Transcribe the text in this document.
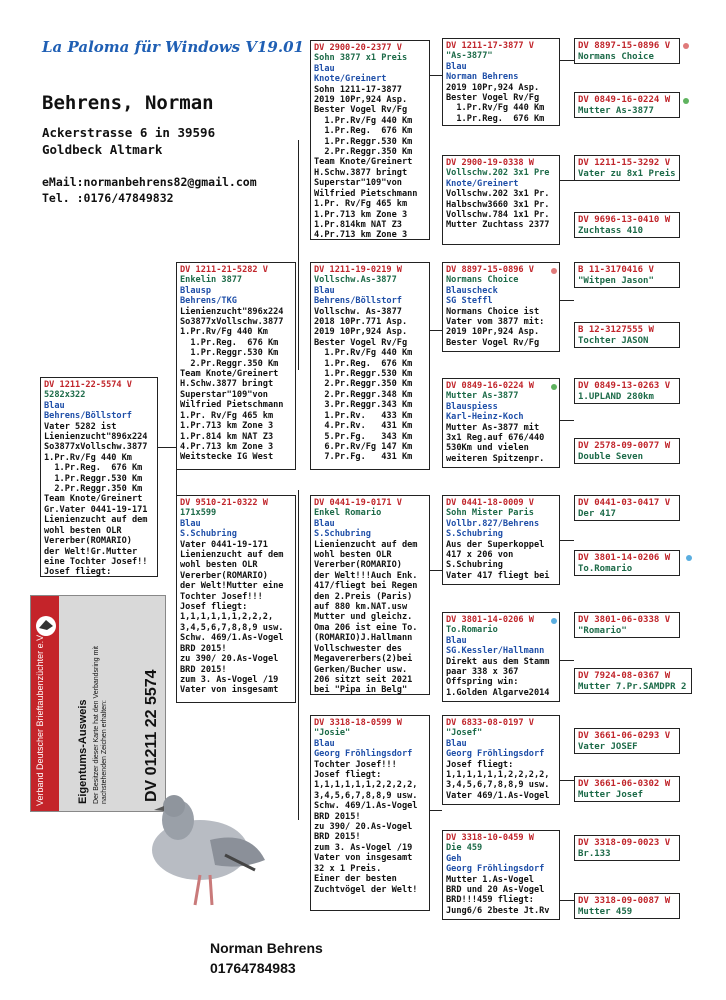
La Paloma für Windows V19.01
Behrens, Norman
Ackerstrasse 6 in 39596
Goldbeck Altmark
eMail:normanbehrens82@gmail.com
Tel. :0176/47849832
DV 1211-22-5574 V
5282x322
Blau
Behrens/Böllstorf
Vater 5282 ist
Lienienzucht"896x224
So3877xVollschw.3877
1.Pr.Rv/Fg 440 Km
1.Pr.Reg.  676 Km
1.Pr.Reggr.530 Km
2.Pr.Reggr.350 Km
Team Knote/Greinert
Gr.Vater 0441-19-171
Lienienzucht auf dem
wohl besten OLR
Vererber(ROMARIO)
der Welt!Gr.Mutter
eine Tochter Josef!!
Josef fliegt:
DV 1211-21-5282 V
Enkelin 3877
Blausp
Behrens/TKG
Lienienzucht"896x224
So3877xVollschw.3877
1.Pr.Rv/Fg 440 Km
1.Pr.Reg.  676 Km
1.Pr.Reggr.530 Km
2.Pr.Reggr.350 Km
Team Knote/Greinert
H.Schw.3877 bringt
Superstar"109"von
Wilfried Pietschmann
1.Pr. Rv/Fg 465 km
1.Pr.713 km Zone 3
1.Pr.814 km NAT Z3
4.Pr.713 km Zone 3
Weitstecke IG West
DV 9510-21-0322 W
171x599
Blau
S.Schubring
Vater 0441-19-171
Lienienzucht auf dem
wohl besten OLR
Vererber(ROMARIO)
der Welt!Mutter eine
Tochter Josef!!!
Josef fliegt:
1,1,1,1,1,1,2,2,2,
3,4,5,6,7,8,8,9 usw.
Schw. 469/1.As-Vogel
BRD 2015!
zu 390/ 20.As-Vogel
BRD 2015!
zum 3. As-Vogel /19
Vater von insgesamt
DV 2900-20-2377 V
Sohn 3877 x1 Preis
Blau
Knote/Greinert
Sohn 1211-17-3877
2019 10Pr,924 Asp.
Bester Vogel Rv/Fg
1.Pr.Rv/Fg 440 Km
1.Pr.Reg.  676 Km
1.Pr.Reggr.530 Km
2.Pr.Reggr.350 Km
Team Knote/Greinert
H.Schw.3877 bringt
Superstar"109"von
Wilfried Pietschmann
1.Pr. Rv/Fg 465 km
1.Pr.713 km Zone 3
1.Pr.814km NAT Z3
4.Pr.713 km Zone 3
DV 1211-19-0219 W
Vollschw.As-3877
Blau
Behrens/Böllstorf
Vollschw. As-3877
2018 10Pr.771 Asp.
2019 10Pr,924 Asp.
Bester Vogel Rv/Fg
1.Pr.Rv/Fg 440 Km
1.Pr.Reg.  676 Km
1.Pr.Reggr.530 Km
2.Pr.Reggr.350 Km
2.Pr.Reggr.348 Km
3.Pr.Reggr.343 Km
1.Pr.Rv.   433 Km
4.Pr.Rv.   431 Km
5.Pr.Fg.   343 Km
6.Pr.Rv/Fg 147 Km
7.Pr.Fg.   431 Km
DV 0441-19-0171 V
Enkel Romario
Blau
S.Schubring
Lienienzucht auf dem
wohl besten OLR
Vererber(ROMARIO)
der Welt!!!Auch Enk.
417/fliegt bei Regen
den 2.Preis (Paris)
auf 880 km.NAT.usw
Mutter und gleichz.
Oma 206 ist eine To.
(ROMARIO)J.Hallmann
Vollschwester des
Megavererbers(2)bei
Gerken/Bucher usw.
206 sitzt seit 2021
bei "Pipa in Belg"
DV 3318-18-0599 W
"Josie"
Blau
Georg Fröhlingsdorf
Tochter Josef!!!
Josef fliegt:
1,1,1,1,1,1,2,2,2,2,
3,4,5,6,7,8,8,9 usw.
Schw. 469/1.As-Vogel
BRD 2015!
zu 390/ 20.As-Vogel
BRD 2015!
zum 3. As-Vogel /19
Vater von insgesamt
32 x 1 Preis.
Einer der besten
Zuchtvögel der Welt!
DV 1211-17-3877 V
"As-3877"
Blau
Norman Behrens
2019 10Pr,924 Asp.
Bester Vogel Rv/Fg
1.Pr.Rv/Fg 440 Km
1.Pr.Reg.  676 Km
DV 2900-19-0338 W
Vollschw.202 3x1 Pre
Knote/Greinert
Vollschw.202 3x1 Pr.
Halbschw3660 3x1 Pr.
Vollschw.784 1x1 Pr.
Mutter Zuchtass 2377
DV 8897-15-0896 V
Normans Choice
Blauscheck
SG Steffl
Normans Choice ist
Vater vom 3877 mit:
2019 10Pr,924 Asp.
Bester Vogel Rv/Fg
DV 0849-16-0224 W
Mutter As-3877
Blauspiess
Karl-Heinz-Koch
Mutter As-3877 mit
3x1 Reg.auf 676/440
530Km und vielen
weiteren Spitzenpr.
DV 0441-18-0009 V
Sohn Mister Paris
Vollbr.827/Behrens
S.Schubring
Aus der Superkoppel
417 x 206 von
S.Schubring
Vater 417 fliegt bei
DV 3801-14-0206 W
To.Romario
Blau
SG.Kessler/Hallmann
Direkt aus dem Stamm
paar 338 x 367
Offspring win:
1.Golden Algarve2014
DV 6833-08-0197 V
"Josef"
Blau
Georg Fröhlingsdorf
Josef fliegt:
1,1,1,1,1,1,2,2,2,2,
3,4,5,6,7,8,8,9 usw.
Vater 469/1.As-Vogel
DV 3318-10-0459 W
Die 459
Geh
Georg Fröhlingsdorf
Mutter 1.As-Vogel
BRD und 20 As-Vogel
BRD!!!459 fliegt:
Jung6/6 2beste Jt.Rv
DV 8897-15-0896 V
Normans Choice
DV 0849-16-0224 W
Mutter As-3877
DV 1211-15-3292 V
Vater zu 8x1 Preis
DV 9696-13-0410 W
Zuchtass 410
B 11-3170416 V
"Witpen Jason"
B 12-3127555 W
Tochter JASON
DV 0849-13-0263 V
1.UPLAND 280km
DV 2578-09-0077 W
Double Seven
DV 0441-03-0417 V
Der 417
DV 3801-14-0206 W
To.Romario
DV 3801-06-0338 V
"Romario"
DV 7924-08-0367 W
Mutter 7.Pr.SAMDPR 2
DV 3661-06-0293 V
Vater JOSEF
DV 3661-06-0302 W
Mutter Josef
DV 3318-09-0023 V
Br.133
DV 3318-09-0087 W
Mutter 459
Verband Deutscher Brieftaubenzüchter e.V.	Eigentums-Ausweis Der Besitzer dieser Karte hat den Verbandsring mit nachstehenden Zeichen erhalten: DV 01211 22 5574
Norman Behrens
01764784983
